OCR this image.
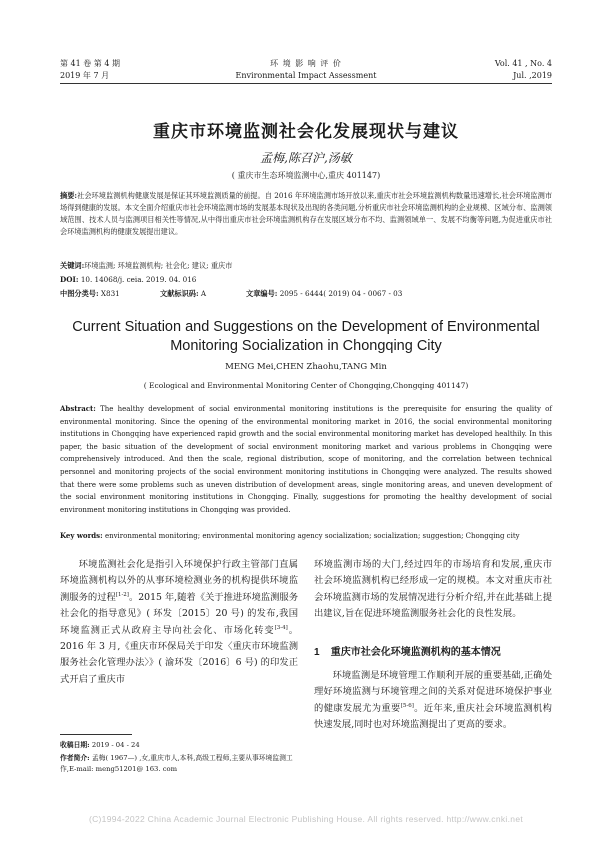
第 41 卷 第 4 期
2019 年 7 月
环 境 影 响 评 价
Environmental Impact Assessment
Vol. 41 , No. 4
Jul. ,2019
重庆市环境监测社会化发展现状与建议
孟梅,陈召沪,汤敏
( 重庆市生态环境监测中心,重庆 401147)
摘要:社会环境监测机构健康发展是保证其环境监测质量的前提。自 2016 年环境监测市场开放以来,重庆市社会环境监测机构数量迅速增长,社会环境监测市场得到健康的发展。本文全面介绍重庆市社会环境监测市场的发展基本现状及出现的各类问题,分析重庆市社会环境监测机构的企业规模、区域分布、监测领域范围、技术人员与监测项目相关性等情况,从中得出重庆市社会环境监测机构存在发展区域分布不均、监测领域单一、发展不均衡等问题,为促进重庆市社会环境监测机构的健康发展提出建议。
关键词:环境监测; 环境监测机构; 社会化; 建议; 重庆市
DOI: 10. 14068/j. ceia. 2019. 04. 016
中图分类号: X831	文献标识码: A	文章编号: 2095 - 6444( 2019) 04 - 0067 - 03
Current Situation and Suggestions on the Development of Environmental Monitoring Socialization in Chongqing City
MENG Mei,CHEN Zhaohu,TANG Min
( Ecological and Environmental Monitoring Center of Chongqing,Chongqing 401147)
Abstract: The healthy development of social environmental monitoring institutions is the prerequisite for ensuring the quality of environmental monitoring. Since the opening of the environmental monitoring market in 2016, the social environmental monitoring institutions in Chongqing have experienced rapid growth and the social environmental monitoring market has developed healthily. In this paper, the basic situation of the development of social environment monitoring market and various problems in Chongqing were comprehensively introduced. And then the scale, regional distribution, scope of monitoring, and the correlation between technical personnel and monitoring projects of the social environment monitoring institutions in Chongqing were analyzed. The results showed that there were some problems such as uneven distribution of development areas, single monitoring areas, and uneven development of the social environment monitoring institutions in Chongqing. Finally, suggestions for promoting the healthy development of social environment monitoring institutions in Chongqing was provided.
Key words: environmental monitoring; environmental monitoring agency socialization; socialization; suggestion; Chongqing city
环境监测社会化是指引入环境保护行政主管部门直属环境监测机构以外的从事环境检测业务的机构提供环境监测服务的过程[1-2]。2015 年,随着《关于推进环境监测服务社会化的指导意见》( 环发〔2015〕20 号) 的发布,我国环境监测正式从政府主导向社会化、市场化转变[3-4]。2016 年 3 月,《重庆市环保局关于印发〈重庆市环境监测服务社会化管理办法〉》( 渝环发〔2016〕6 号) 的印发正式开启了重庆市
收稿日期: 2019 - 04 - 24
作者简介: 孟梅( 1967—) ,女,重庆市人,本科,高级工程师,主要从事环境监测工作,E-mail: meng51201@ 163. com
环境监测市场的大门,经过四年的市场培育和发展,重庆市社会环境监测机构已经形成一定的规模。本文对重庆市社会环境监测市场的发展情况进行分析介绍,并在此基础上提出建议,旨在促进环境监测服务社会化的良性发展。
1 重庆市社会化环境监测机构的基本情况
环境监测是环境管理工作顺利开展的重要基础,正确处理好环境监测与环境管理之间的关系对促进环境保护事业的健康发展尤为重要[5-6]。近年来,重庆社会环境监测机构快速发展,同时也对环境监测提出了更高的要求。
(C)1994-2022 China Academic Journal Electronic Publishing House. All rights reserved. http://www.cnki.net
